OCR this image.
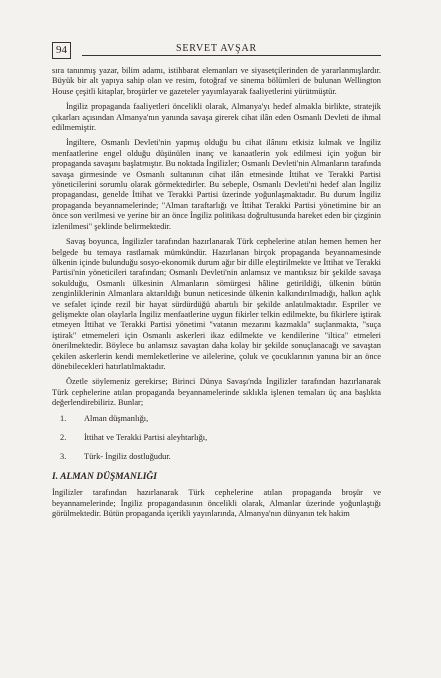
94	SERVET AVŞAR

sıra tanınmış yazar, bilim adamı, istihbarat elemanları ve siyasetçilerinden de yararlanmışlardır. Büyük bir alt yapıya sahip olan ve resim, fotoğraf ve sinema bölümleri de bulunan Wellington House çeşitli kitaplar, broşürler ve gazeteler yayımlayarak faaliyetlerini yürütmüştür.

İngiliz propaganda faaliyetleri öncelikli olarak, Almanya'yı hedef almakla birlikte, stratejik çıkarları açısından Almanya'nın yanında savaşa girerek cihat ilân eden Osmanlı Devleti de ihmal edilmemiştir.

İngiltere, Osmanlı Devleti'nin yapmış olduğu bu cihat ilânını etkisiz kılmak ve İngiliz menfaatlerine engel olduğu düşünülen inanç ve kanaatlerin yok edilmesi için yoğun bir propaganda savaşını başlatmıştır. Bu noktada İngilizler; Osmanlı Devleti'nin Almanların tarafında savaşa girmesinde ve Osmanlı sultanının cihat ilân etmesinde İttihat ve Terakki Partisi yöneticilerini sorumlu olarak görmektedirler. Bu sebeple, Osmanlı Devleti'ni hedef alan İngiliz propagandası, genelde İttihat ve Terakki Partisi üzerinde yoğunlaşmaktadır. Bu durum İngiliz propaganda beyannamelerinde; "Alman taraftarlığı ve İttihat Terakki Partisi yönetimine bir an önce son verilmesi ve yerine bir an önce İngiliz politikası doğrultusunda hareket eden bir çizginin izlenilmesi" şeklinde belirmektedir.

Savaş boyunca, İngilizler tarafından hazırlanarak Türk cephelerine atılan hemen hemen her belgede bu temaya rastlamak mümkündür. Hazırlanan birçok propaganda beyannamesinde ülkenin içinde bulunduğu sosyo-ekonomik durum ağır bir dille eleştirilmekte ve İttihat ve Terakki Partisi'nin yöneticileri tarafından; Osmanlı Devleti'nin anlamsız ve mantıksız bir şekilde savaşa sokulduğu, Osmanlı ülkesinin Almanların sömürgesi hâline getirildiği, ülkenin bütün zenginliklerinin Almanlara aktarıldığı bunun neticesinde ülkenin kalkındırılmadığı, halkın açlık ve sefalet içinde rezil bir hayat sürdürdüğü abartılı bir şekilde anlatılmaktadır. Espriler ve gelişmekte olan olaylarla İngiliz menfaatlerine uygun fikirler telkin edilmekte, bu fikirlere iştirak etmeyen İttihat ve Terakki Partisi yönetimi "vatanın mezarını kazmakla" suçlanmakta, "suça iştirak" etmemeleri için Osmanlı askerleri ikaz edilmekte ve kendilerine "iltica" etmeleri önerilmektedir. Böylece bu anlamsız savaştan daha kolay bir şekilde sonuçlanacağı ve savaştan çekilen askerlerin kendi memleketlerine ve ailelerine, çoluk ve çocuklarının yanına bir an önce dönebilecekleri hatırlatılmaktadır.

Özetle söylemeniz gerekirse; Birinci Dünya Savaşı'nda İngilizler tarafından hazırlanarak Türk cephelerine atılan propaganda beyannamelerinde sıklıkla işlenen temaları üç ana başlıkta değerlendirebiliriz. Bunlar;

1.	Alman düşmanlığı,
2.	İttihat ve Terakki Partisi aleyhtarlığı,
3.	Türk- İngiliz dostluğudur.
I. ALMAN DÜŞMANLIĞI

İngilizler tarafından hazırlanarak Türk cephelerine atılan propaganda broşür ve beyannamelerinde; İngiliz propagandasının öncelikli olarak, Almanlar üzerinde yoğunlaştığı görülmektedir. Bütün propaganda içerikli yayınlarında, Almanya'nın dünyanın tek hakim
